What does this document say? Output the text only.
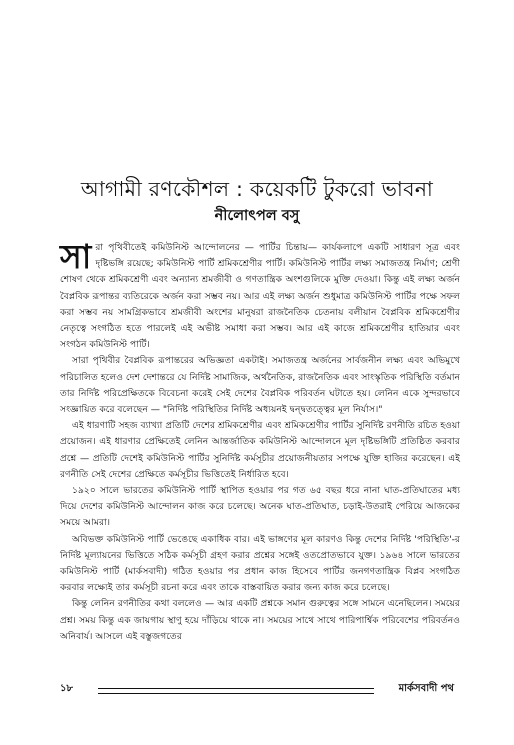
আগামী রণকৌশল : কয়েকটি টুকরো ভাবনা
নীলোৎপল বসু

সারা পৃথিবীতেই কমিউনিস্ট আন্দোলনের — পার্টির চিন্তায়— কার্যকলাপে একটি সাধারণ সূত্র এবং দৃষ্টিভঙ্গি রয়েছে; কমিউনিস্ট পার্টি শ্রমিকশ্রেণীর পার্টি। কমিউনিস্ট পার্টির লক্ষ্য সমাজতন্ত্র নির্মাণ; শ্রেণী শোষণ থেকে শ্রমিকশ্রেণী এবং অন্যান্য শ্রমজীবী ও গণতান্ত্রিক অংশগুলিকে মুক্তি দেওয়া। কিন্তু এই লক্ষ্য অর্জন বৈপ্লবিক রূপান্তর ব্যতিরেকে অর্জন করা সম্ভব নয়। আর এই লক্ষ্য অর্জন শুধুমাত্র কমিউনিস্ট পার্টির পক্ষে সফল করা সম্ভব নয় সামগ্রিকভাবে শ্রমজীবী অংশের মানুষরা রাজনৈতিক চেতনায় বলীয়ান বৈপ্লবিক শ্রমিকশ্রেণীর নেতৃত্বে সংগঠিত হতে পারলেই এই অভীষ্ট সমাধা করা সম্ভব। আর এই কাজে শ্রমিকশ্রেণীর হাতিয়ার এবং সংগঠন কমিউনিস্ট পার্টি।

সারা পৃথিবীর বৈপ্লবিক রূপান্তরের অভিজ্ঞতা একটাই। সমাজতন্ত্র অর্জনের সার্বজনীন লক্ষ্য এবং অভিমুখে পরিচালিত হলেও দেশ দেশান্তরে যে নির্দিষ্ট সামাজিক, অর্থনৈতিক, রাজনৈতিক এবং সাংস্কৃতিক পরিস্থিতি বর্তমান তার নির্দিষ্ট পরিপ্রেক্ষিতকে বিবেচনা করেই সেই দেশের বৈপ্লবিক পরিবর্তন ঘটাতে হয়। লেনিন একে সুন্দরভাবে সংজ্ঞায়িত করে বলেছেন — "নির্দিষ্ট পরিস্থিতির নির্দিষ্ট অধ্যয়নই দ্বন্দ্বতত্ত্বের মূল নির্যাস।"

এই ধারণাটি সহজ ব্যাখ্যা প্রতিটি দেশের শ্রমিকশ্রেণীর এবং শ্রমিকশ্রেণীর পার্টির সুনির্দিষ্ট রণনীতি রচিত হওয়া প্রয়োজন। এই ধারণার প্রেক্ষিতেই লেনিন আন্তর্জাতিক কমিউনিস্ট আন্দোলনে মূল দৃষ্টিভঙ্গিটি প্রতিষ্ঠিত করবার প্রশ্নে — প্রতিটি দেশেই কমিউনিস্ট পার্টির সুনির্দিষ্ট কর্মসূচীর প্রয়োজনীয়তার সপক্ষে যুক্তি হাজির করেছেন। এই রণনীতি সেই দেশের প্রেক্ষিতে কর্মসূচীর ভিত্তিতেই নির্ধারিত হবে।

১৯২০ সালে ভারতের কমিউনিস্ট পার্টি স্থাপিত হওয়ার পর গত ৬৫ বছর ধরে নানা ঘাত-প্রতিঘাতের মধ্য দিয়ে দেশের কমিউনিস্ট আন্দোলন কাজ করে চলেছে। অনেক ঘাত-প্রতিঘাত, চড়াই-উতরাই পেরিয়ে আজকের সময়ে আমরা।

অবিভক্ত কমিউনিস্ট পার্টি ভেঙেছে একাধিক বার। এই ভাঙ্গণের মূল কারণও কিন্তু দেশের নির্দিষ্ট 'পরিস্থিতি'-র নির্দিষ্ট মূল্যায়নের ভিত্তিতে সঠিক কর্মসূচী গ্রহণ করার প্রশ্নের সঙ্গেই ওতপ্রোতভাবে যুক্ত। ১৯৬৪ সালে ভারতের কমিউনিস্ট পার্টি (মার্কসবাদী) গঠিত হওয়ার পর প্রধান কাজ হিসেবে পার্টির জনগণতান্ত্রিক বিপ্লব সংগঠিত করবার লক্ষ্যেই তার কর্মসূচী রচনা করে এবং তাকে বাস্তবায়িত করার জন্য কাজ করে চলেছে।

কিন্তু লেনিন রণনীতির কথা বললেও — আর একটি প্রশ্নকে সমান গুরুত্বের সঙ্গে সামনে এনেছিলেন। সময়ের প্রশ্ন। সময় কিন্তু এক জায়গায় স্থাণু হয়ে দাঁড়িয়ে থাকে না। সময়ের সাথে সাথে পারিপার্শ্বিক পরিবেশের পরিবর্তনও অনিবার্য। আসলে এই বস্তুজগতের

১৮	মার্কসবাদী পথ
